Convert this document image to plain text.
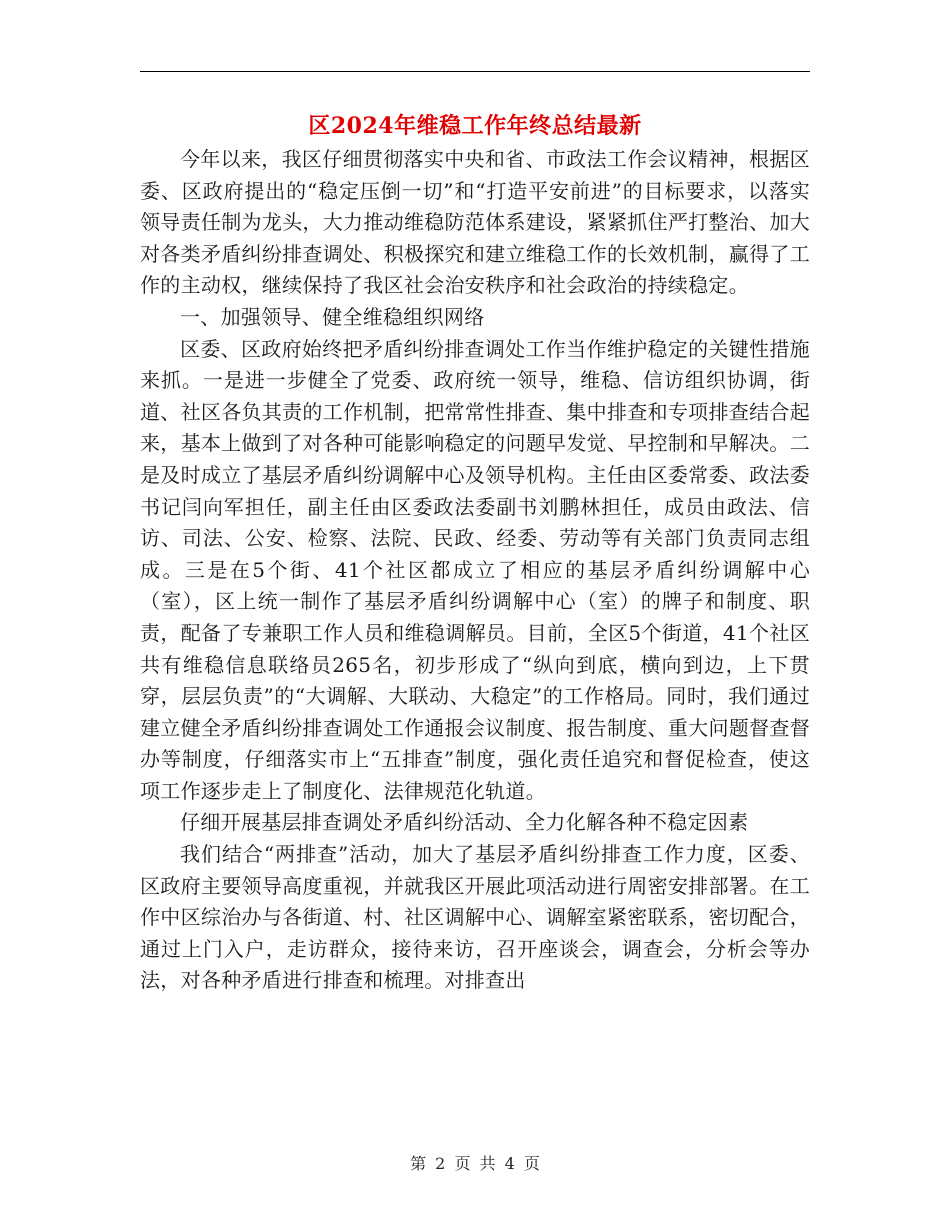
区2024年维稳工作年终总结最新

今年以来，我区仔细贯彻落实中央和省、市政法工作会议精神，根据区委、区政府提出的“稳定压倒一切”和“打造平安前进”的目标要求，以落实领导责任制为龙头，大力推动维稳防范体系建设，紧紧抓住严打整治、加大对各类矛盾纠纷排查调处、积极探究和建立维稳工作的长效机制，赢得了工作的主动权，继续保持了我区社会治安秩序和社会政治的持续稳定。

一、加强领导、健全维稳组织网络

区委、区政府始终把矛盾纠纷排查调处工作当作维护稳定的关键性措施来抓。一是进一步健全了党委、政府统一领导，维稳、信访组织协调，街道、社区各负其责的工作机制，把常常性排查、集中排查和专项排查结合起来，基本上做到了对各种可能影响稳定的问题早发觉、早控制和早解决。二是及时成立了基层矛盾纠纷调解中心及领导机构。主任由区委常委、政法委书记闫向军担任，副主任由区委政法委副书刘鹏林担任，成员由政法、信访、司法、公安、检察、法院、民政、经委、劳动等有关部门负责同志组成。三是在5个街、41个社区都成立了相应的基层矛盾纠纷调解中心（室），区上统一制作了基层矛盾纠纷调解中心（室）的牌子和制度、职责，配备了专兼职工作人员和维稳调解员。目前，全区5个街道，41个社区共有维稳信息联络员265名，初步形成了“纵向到底，横向到边，上下贯穿，层层负责”的“大调解、大联动、大稳定”的工作格局。同时，我们通过建立健全矛盾纠纷排查调处工作通报会议制度、报告制度、重大问题督查督办等制度，仔细落实市上“五排查”制度，强化责任追究和督促检查，使这项工作逐步走上了制度化、法律规范化轨道。

仔细开展基层排查调处矛盾纠纷活动、全力化解各种不稳定因素

我们结合“两排查”活动，加大了基层矛盾纠纷排查工作力度，区委、区政府主要领导高度重视，并就我区开展此项活动进行周密安排部署。在工作中区综治办与各街道、村、社区调解中心、调解室紧密联系，密切配合，通过上门入户，走访群众，接待来访，召开座谈会，调查会，分析会等办法，对各种矛盾进行排查和梳理。对排查出

第 2 页 共 4 页
